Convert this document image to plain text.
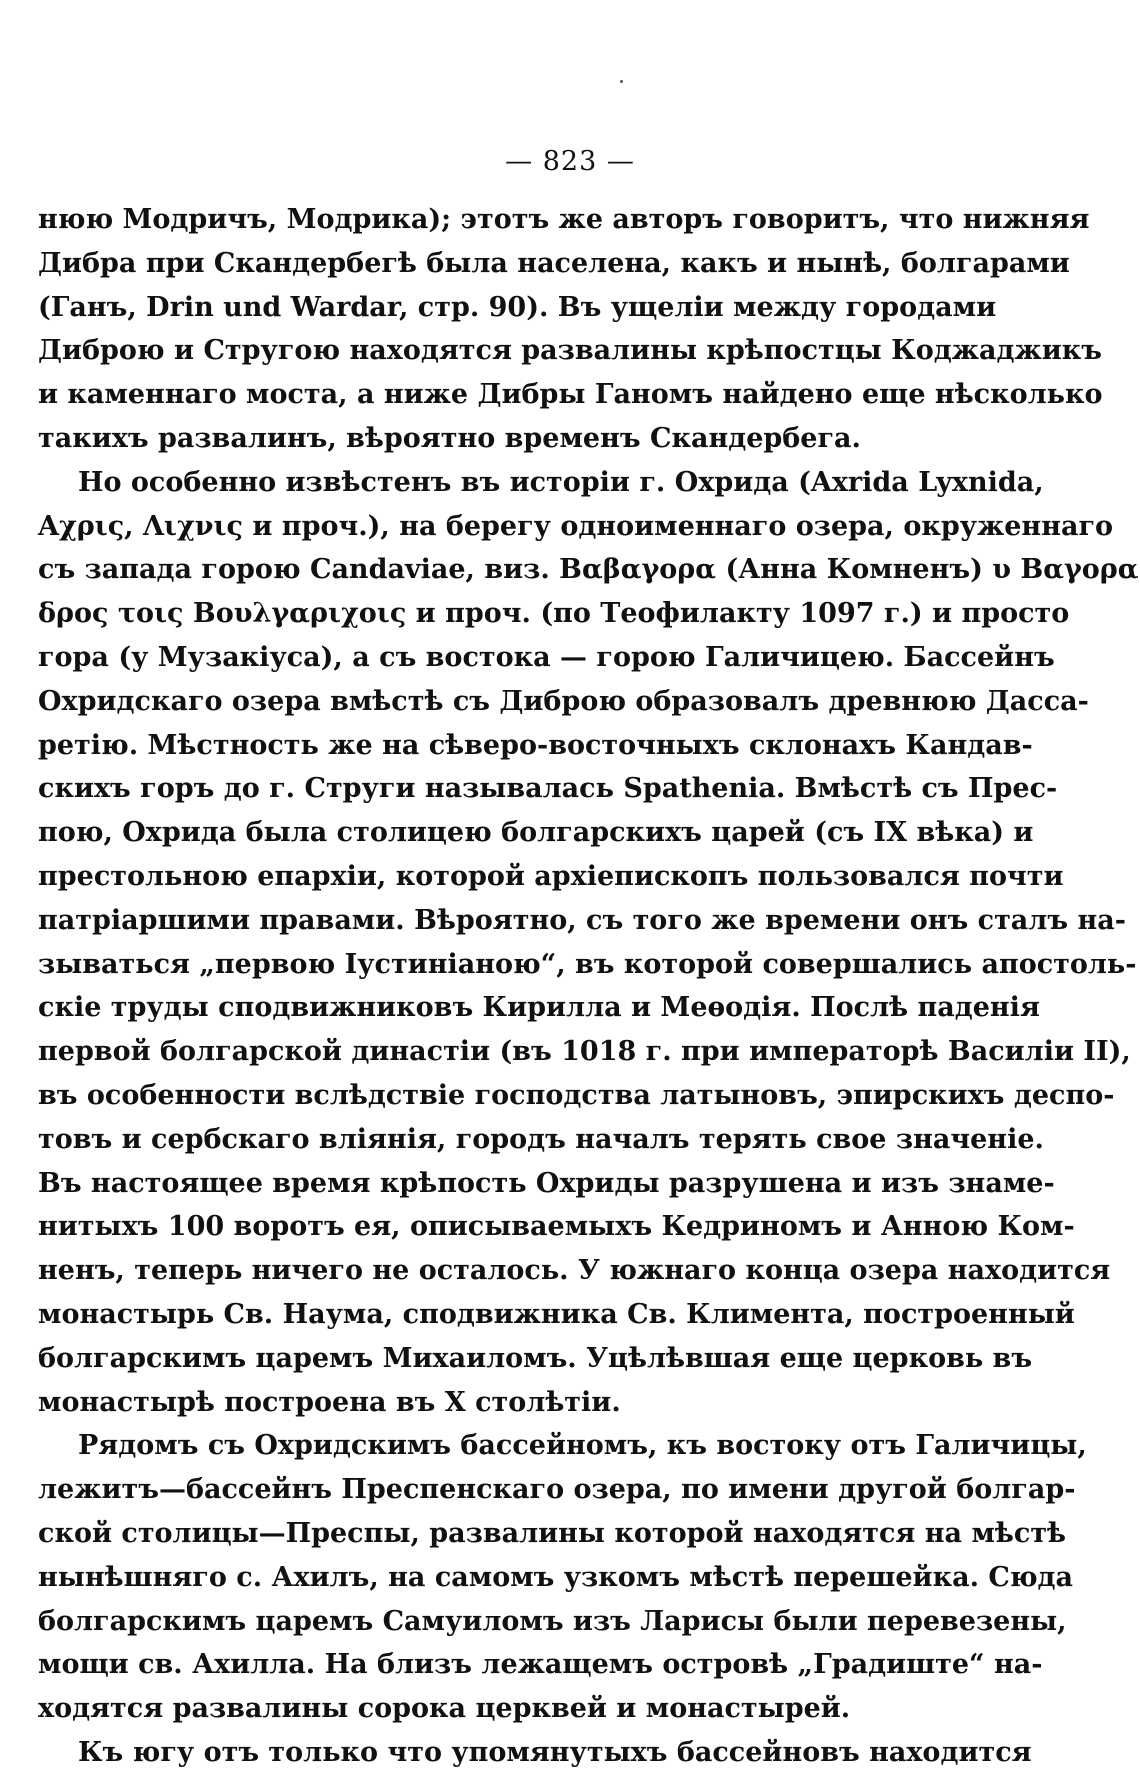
— 823 —
нюю Модричъ, Модрика); этотъ же авторъ говоритъ, что нижняя
Дибра при Скандербегѣ была населена, какъ и нынѣ, болгарами
(Ганъ, Drin und Wardar, стр. 90). Въ ущеліи между городами
Диброю и Стругою находятся развалины крѣпостцы Коджаджикъ
и каменнаго моста, а ниже Дибры Ганомъ найдено еще нѣсколько
такихъ развалинъ, вѣроятно временъ Скандербега.
Но особенно извѣстенъ въ исторіи г. Охрида (Axrida Lyxnida,
Αχρις, Λιχνις и проч.), на берегу одноименнаго озера, окруженнаго
съ запада горою Candaviae, виз. Βαβαγορα (Анна Комненъ) υ Βαγορα
δρος τοις Βουλγαριχοις и проч. (по Теофилакту 1097 г.) и просто
гора (у Музакіуса), а съ востока — горою Галичицею. Бассейнъ
Охридскаго озера вмѣстѣ съ Диброю образовалъ древнюю Дасса-
ретію. Мѣстность же на сѣверо-восточныхъ склонахъ Кандав-
скихъ горъ до г. Струги называлась Spathenia. Вмѣстѣ съ Прес-
пою, Охрида была столицею болгарскихъ царей (съ IX вѣка) и
престольною епархіи, которой архіепископъ пользовался почти
патріаршими правами. Вѣроятно, съ того же времени онъ сталъ на-
зываться „первою Іустиніаною“, въ которой совершались апостоль-
скіе труды сподвижниковъ Кирилла и Меѳодія. Послѣ паденія
первой болгарской династіи (въ 1018 г. при императорѣ Василіи II),
въ особенности вслѣдствіе господства латыновъ, эпирскихъ деспо-
товъ и сербскаго вліянія, городъ началъ терять свое значеніе.
Въ настоящее время крѣпость Охриды разрушена и изъ знаме-
нитыхъ 100 воротъ ея, описываемыхъ Кедриномъ и Анною Ком-
ненъ, теперь ничего не осталось. У южнаго конца озера находится
монастырь Св. Наума, сподвижника Св. Климента, построенный
болгарскимъ царемъ Михаиломъ. Уцѣлѣвшая еще церковь въ
монастырѣ построена въ X столѣтіи.
Рядомъ съ Охридскимъ бассейномъ, къ востоку отъ Галичицы,
лежитъ—бассейнъ Преспенскаго озера, по имени другой болгар-
ской столицы—Преспы, развалины которой находятся на мѣстѣ
нынѣшняго с. Ахилъ, на самомъ узкомъ мѣстѣ перешейка. Сюда
болгарскимъ царемъ Самуиломъ изъ Ларисы были перевезены,
мощи св. Ахилла. На близъ лежащемъ островѣ „Градиште“ на-
ходятся развалины сорока церквей и монастырей.
Къ югу отъ только что упомянутыхъ бассейновъ находится
